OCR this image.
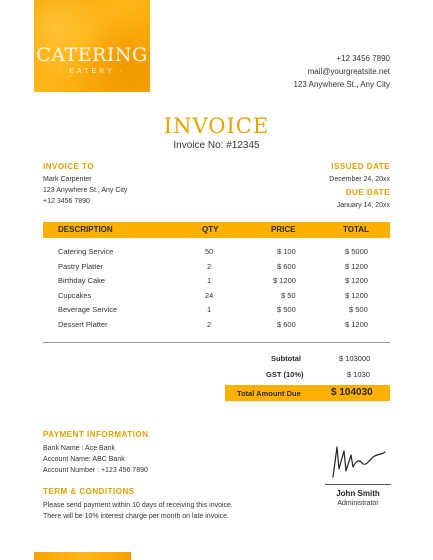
CATERING
· EATERY ·
+12 3456 7890
mail@yourgreatsite.net
123 Anywhere St., Any City
INVOICE
Invoice No: #12345
INVOICE TO
Mark Carpenter
123 Anywhere St., Any City
+12 3456 7890
ISSUED DATE
December 24, 20xx
DUE DATE
January 14, 20xx
DESCRIPTION	QTY	PRICE	TOTAL
Catering Service	50	$ 100	$ 5000
Pastry Platter	2	$ 600	$ 1200
Birthday Cake	1	$ 1200	$ 1200
Cupcakes	24	$ 50	$ 1200
Beverage Service	1	$ 500	$ 500
Dessert Platter	2	$ 600	$ 1200
Subtotal	$ 103000
GST (10%)	$ 1030
Total Amount Due	$ 104030
PAYMENT INFORMATION
Bank Name : Ace Bank
Account Name: ABC Bank
Account Number : +123 456 7890
TERM & CONDITIONS
Please send payment within 10 days of receiving this invoice.
There will be 10% interest charge per month on late invoice.
John Smith
Administrator
